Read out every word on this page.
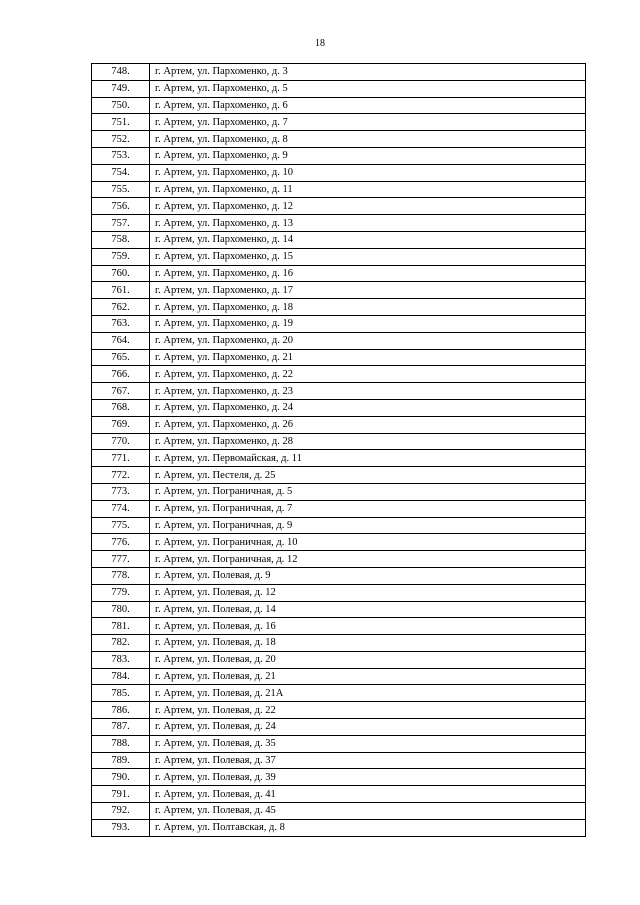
18
748.	г. Артем, ул. Пархоменко, д. 3
749.	г. Артем, ул. Пархоменко, д. 5
750.	г. Артем, ул. Пархоменко, д. 6
751.	г. Артем, ул. Пархоменко, д. 7
752.	г. Артем, ул. Пархоменко, д. 8
753.	г. Артем, ул. Пархоменко, д. 9
754.	г. Артем, ул. Пархоменко, д. 10
755.	г. Артем, ул. Пархоменко, д. 11
756.	г. Артем, ул. Пархоменко, д. 12
757.	г. Артем, ул. Пархоменко, д. 13
758.	г. Артем, ул. Пархоменко, д. 14
759.	г. Артем, ул. Пархоменко, д. 15
760.	г. Артем, ул. Пархоменко, д. 16
761.	г. Артем, ул. Пархоменко, д. 17
762.	г. Артем, ул. Пархоменко, д. 18
763.	г. Артем, ул. Пархоменко, д. 19
764.	г. Артем, ул. Пархоменко, д. 20
765.	г. Артем, ул. Пархоменко, д. 21
766.	г. Артем, ул. Пархоменко, д. 22
767.	г. Артем, ул. Пархоменко, д. 23
768.	г. Артем, ул. Пархоменко, д. 24
769.	г. Артем, ул. Пархоменко, д. 26
770.	г. Артем, ул. Пархоменко, д. 28
771.	г. Артем, ул. Первомайская, д. 11
772.	г. Артем, ул. Пестеля, д. 25
773.	г. Артем, ул. Пограничная, д. 5
774.	г. Артем, ул. Пограничная, д. 7
775.	г. Артем, ул. Пограничная, д. 9
776.	г. Артем, ул. Пограничная, д. 10
777.	г. Артем, ул. Пограничная, д. 12
778.	г. Артем, ул. Полевая, д. 9
779.	г. Артем, ул. Полевая, д. 12
780.	г. Артем, ул. Полевая, д. 14
781.	г. Артем, ул. Полевая, д. 16
782.	г. Артем, ул. Полевая, д. 18
783.	г. Артем, ул. Полевая, д. 20
784.	г. Артем, ул. Полевая, д. 21
785.	г. Артем, ул. Полевая, д. 21А
786.	г. Артем, ул. Полевая, д. 22
787.	г. Артем, ул. Полевая, д. 24
788.	г. Артем, ул. Полевая, д. 35
789.	г. Артем, ул. Полевая, д. 37
790.	г. Артем, ул. Полевая, д. 39
791.	г. Артем, ул. Полевая, д. 41
792.	г. Артем, ул. Полевая, д. 45
793.	г. Артем, ул. Полтавская, д. 8
